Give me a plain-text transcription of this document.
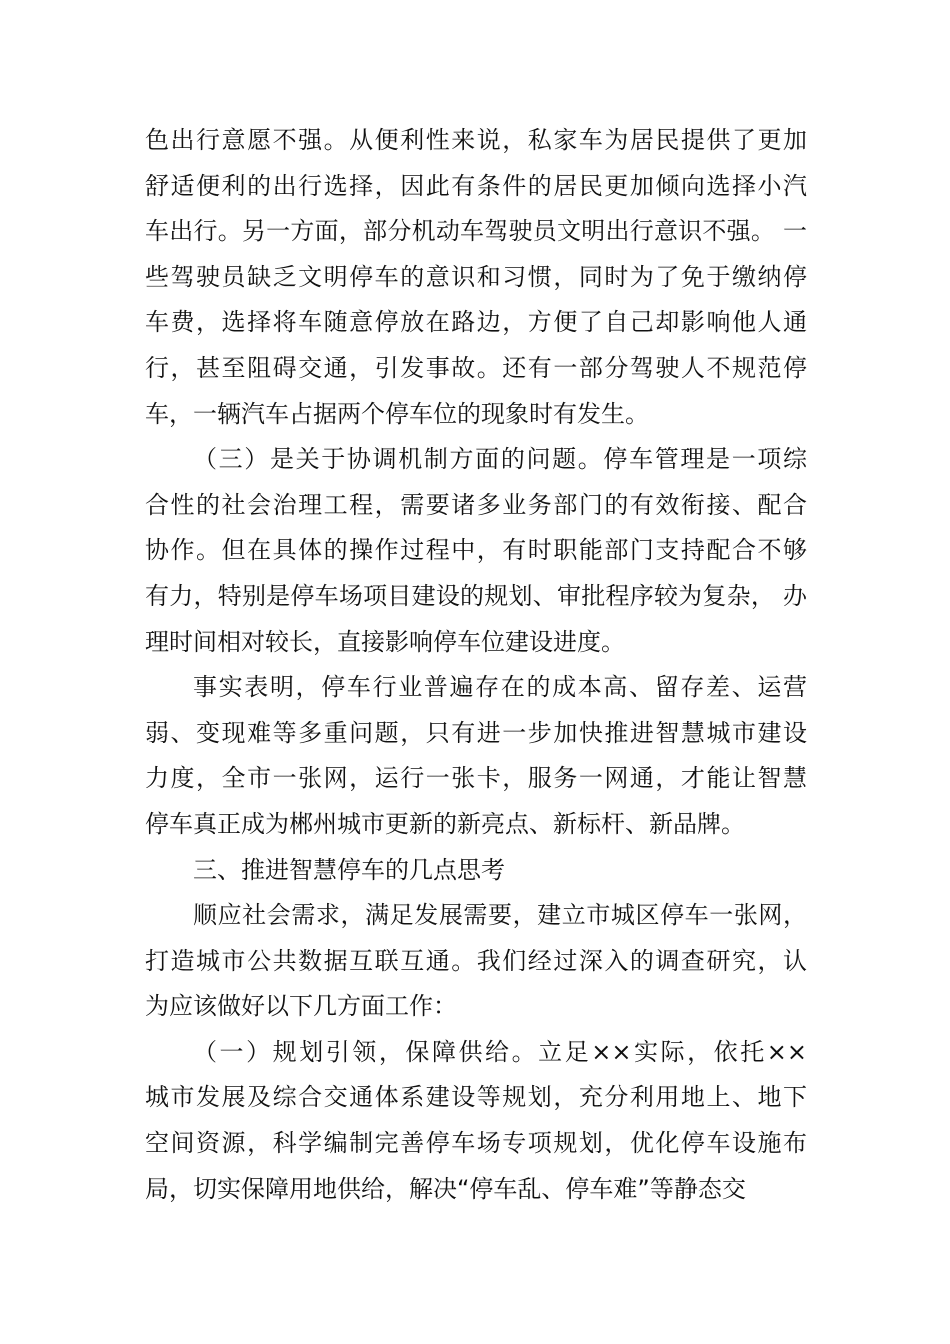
色出行意愿不强。从便利性来说，私家车为居民提供了更加
舒适便利的出行选择，因此有条件的居民更加倾向选择小汽
车出行。另一方面，部分机动车驾驶员文明出行意识不强。 一
些驾驶员缺乏文明停车的意识和习惯，同时为了免于缴纳停
车费，选择将车随意停放在路边，方便了自己却影响他人通
行，甚至阻碍交通，引发事故。还有一部分驾驶人不规范停
车，一辆汽车占据两个停车位的现象时有发生。
（三）是关于协调机制方面的问题。停车管理是一项综
合性的社会治理工程，需要诸多业务部门的有效衔接、配合
协作。但在具体的操作过程中，有时职能部门支持配合不够
有力，特别是停车场项目建设的规划、审批程序较为复杂， 办
理时间相对较长，直接影响停车位建设进度。
事实表明，停车行业普遍存在的成本高、留存差、运营
弱、变现难等多重问题，只有进一步加快推进智慧城市建设
力度，全市一张网，运行一张卡，服务一网通，才能让智慧
停车真正成为郴州城市更新的新亮点、新标杆、新品牌。
三、推进智慧停车的几点思考
顺应社会需求，满足发展需要，建立市城区停车一张网，
打造城市公共数据互联互通。我们经过深入的调查研究，认
为应该做好以下几方面工作：
（一）规划引领，保障供给。立足××实际，依托××
城市发展及综合交通体系建设等规划，充分利用地上、地下
空间资源，科学编制完善停车场专项规划，优化停车设施布
局，切实保障用地供给，解决“停车乱、停车难”等静态交
